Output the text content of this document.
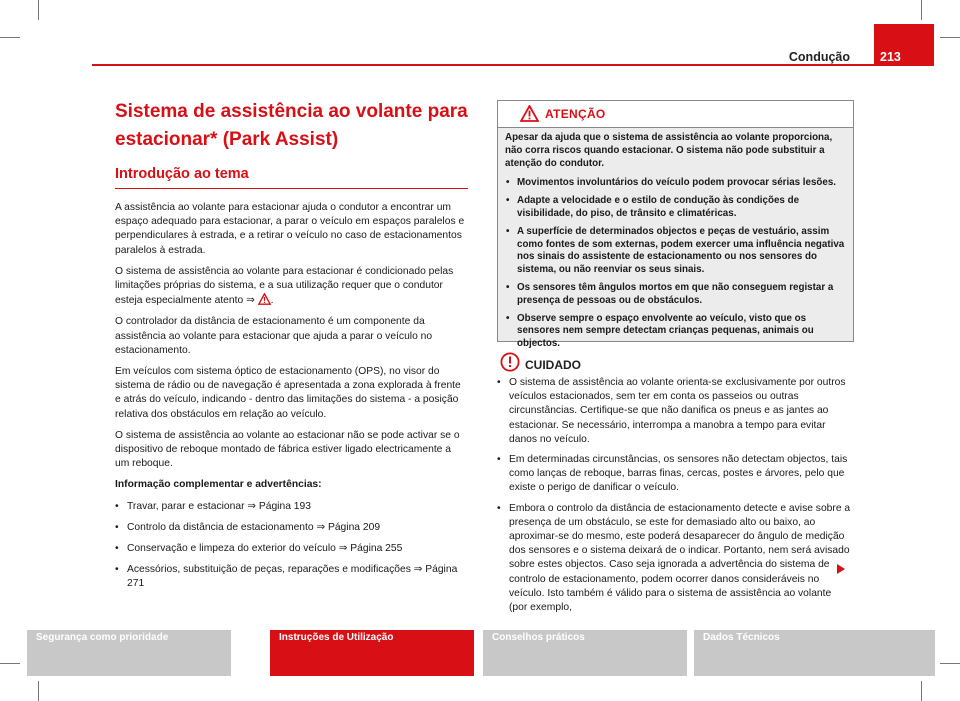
Condução 213
Sistema de assistência ao volante para estacionar* (Park Assist)
Introdução ao tema

A assistência ao volante para estacionar ajuda o condutor a encontrar um espaço adequado para estacionar, a parar o veículo em espaços paralelos e perpendiculares à estrada, e a retirar o veículo no caso de estacionamentos paralelos à estrada.

O sistema de assistência ao volante para estacionar é condicionado pelas limitações próprias do sistema, e a sua utilização requer que o condutor esteja especialmente atento ⇒ .

O controlador da distância de estacionamento é um componente da assistência ao volante para estacionar que ajuda a parar o veículo no estacionamento.

Em veículos com sistema óptico de estacionamento (OPS), no visor do sistema de rádio ou de navegação é apresentada a zona explorada à frente e atrás do veículo, indicando - dentro das limitações do sistema - a posição relativa dos obstáculos em relação ao veículo.

O sistema de assistência ao volante ao estacionar não se pode activar se o dispositivo de reboque montado de fábrica estiver ligado electricamente a um reboque.

Informação complementar e advertências:

• Travar, parar e estacionar ⇒ Página 193
• Controlo da distância de estacionamento ⇒ Página 209
• Conservação e limpeza do exterior do veículo ⇒ Página 255
• Acessórios, substituição de peças, reparações e modificações ⇒ Página 271
ATENÇÃO

Apesar da ajuda que o sistema de assistência ao volante proporciona, não corra riscos quando estacionar. O sistema não pode substituir a atenção do condutor.

• Movimentos involuntários do veículo podem provocar sérias lesões.
• Adapte a velocidade e o estilo de condução às condições de visibilidade, do piso, de trânsito e climatéricas.
• A superfície de determinados objectos e peças de vestuário, assim como fontes de som externas, podem exercer uma influência negativa nos sinais do assistente de estacionamento ou nos sensores do sistema, ou não reenviar os seus sinais.
• Os sensores têm ângulos mortos em que não conseguem registar a presença de pessoas ou de obstáculos.
• Observe sempre o espaço envolvente ao veículo, visto que os sensores nem sempre detectam crianças pequenas, animais ou objectos.
CUIDADO
• O sistema de assistência ao volante orienta-se exclusivamente por outros veículos estacionados, sem ter em conta os passeios ou outras circunstâncias. Certifique-se que não danifica os pneus e as jantes ao estacionar. Se necessário, interrompa a manobra a tempo para evitar danos no veículo.
• Em determinadas circunstâncias, os sensores não detectam objectos, tais como lanças de reboque, barras finas, cercas, postes e árvores, pelo que existe o perigo de danificar o veículo.
• Embora o controlo da distância de estacionamento detecte e avise sobre a presença de um obstáculo, se este for demasiado alto ou baixo, ao aproximar-se do mesmo, este poderá desaparecer do ângulo de medição dos sensores e o sistema deixará de o indicar. Portanto, nem será avisado sobre estes objectos. Caso seja ignorada a advertência do sistema de controlo de estacionamento, podem ocorrer danos consideráveis no veículo. Isto também é válido para o sistema de assistência ao volante (por exemplo,
Segurança como prioridade	Instruções de Utilização	Conselhos práticos	Dados Técnicos
